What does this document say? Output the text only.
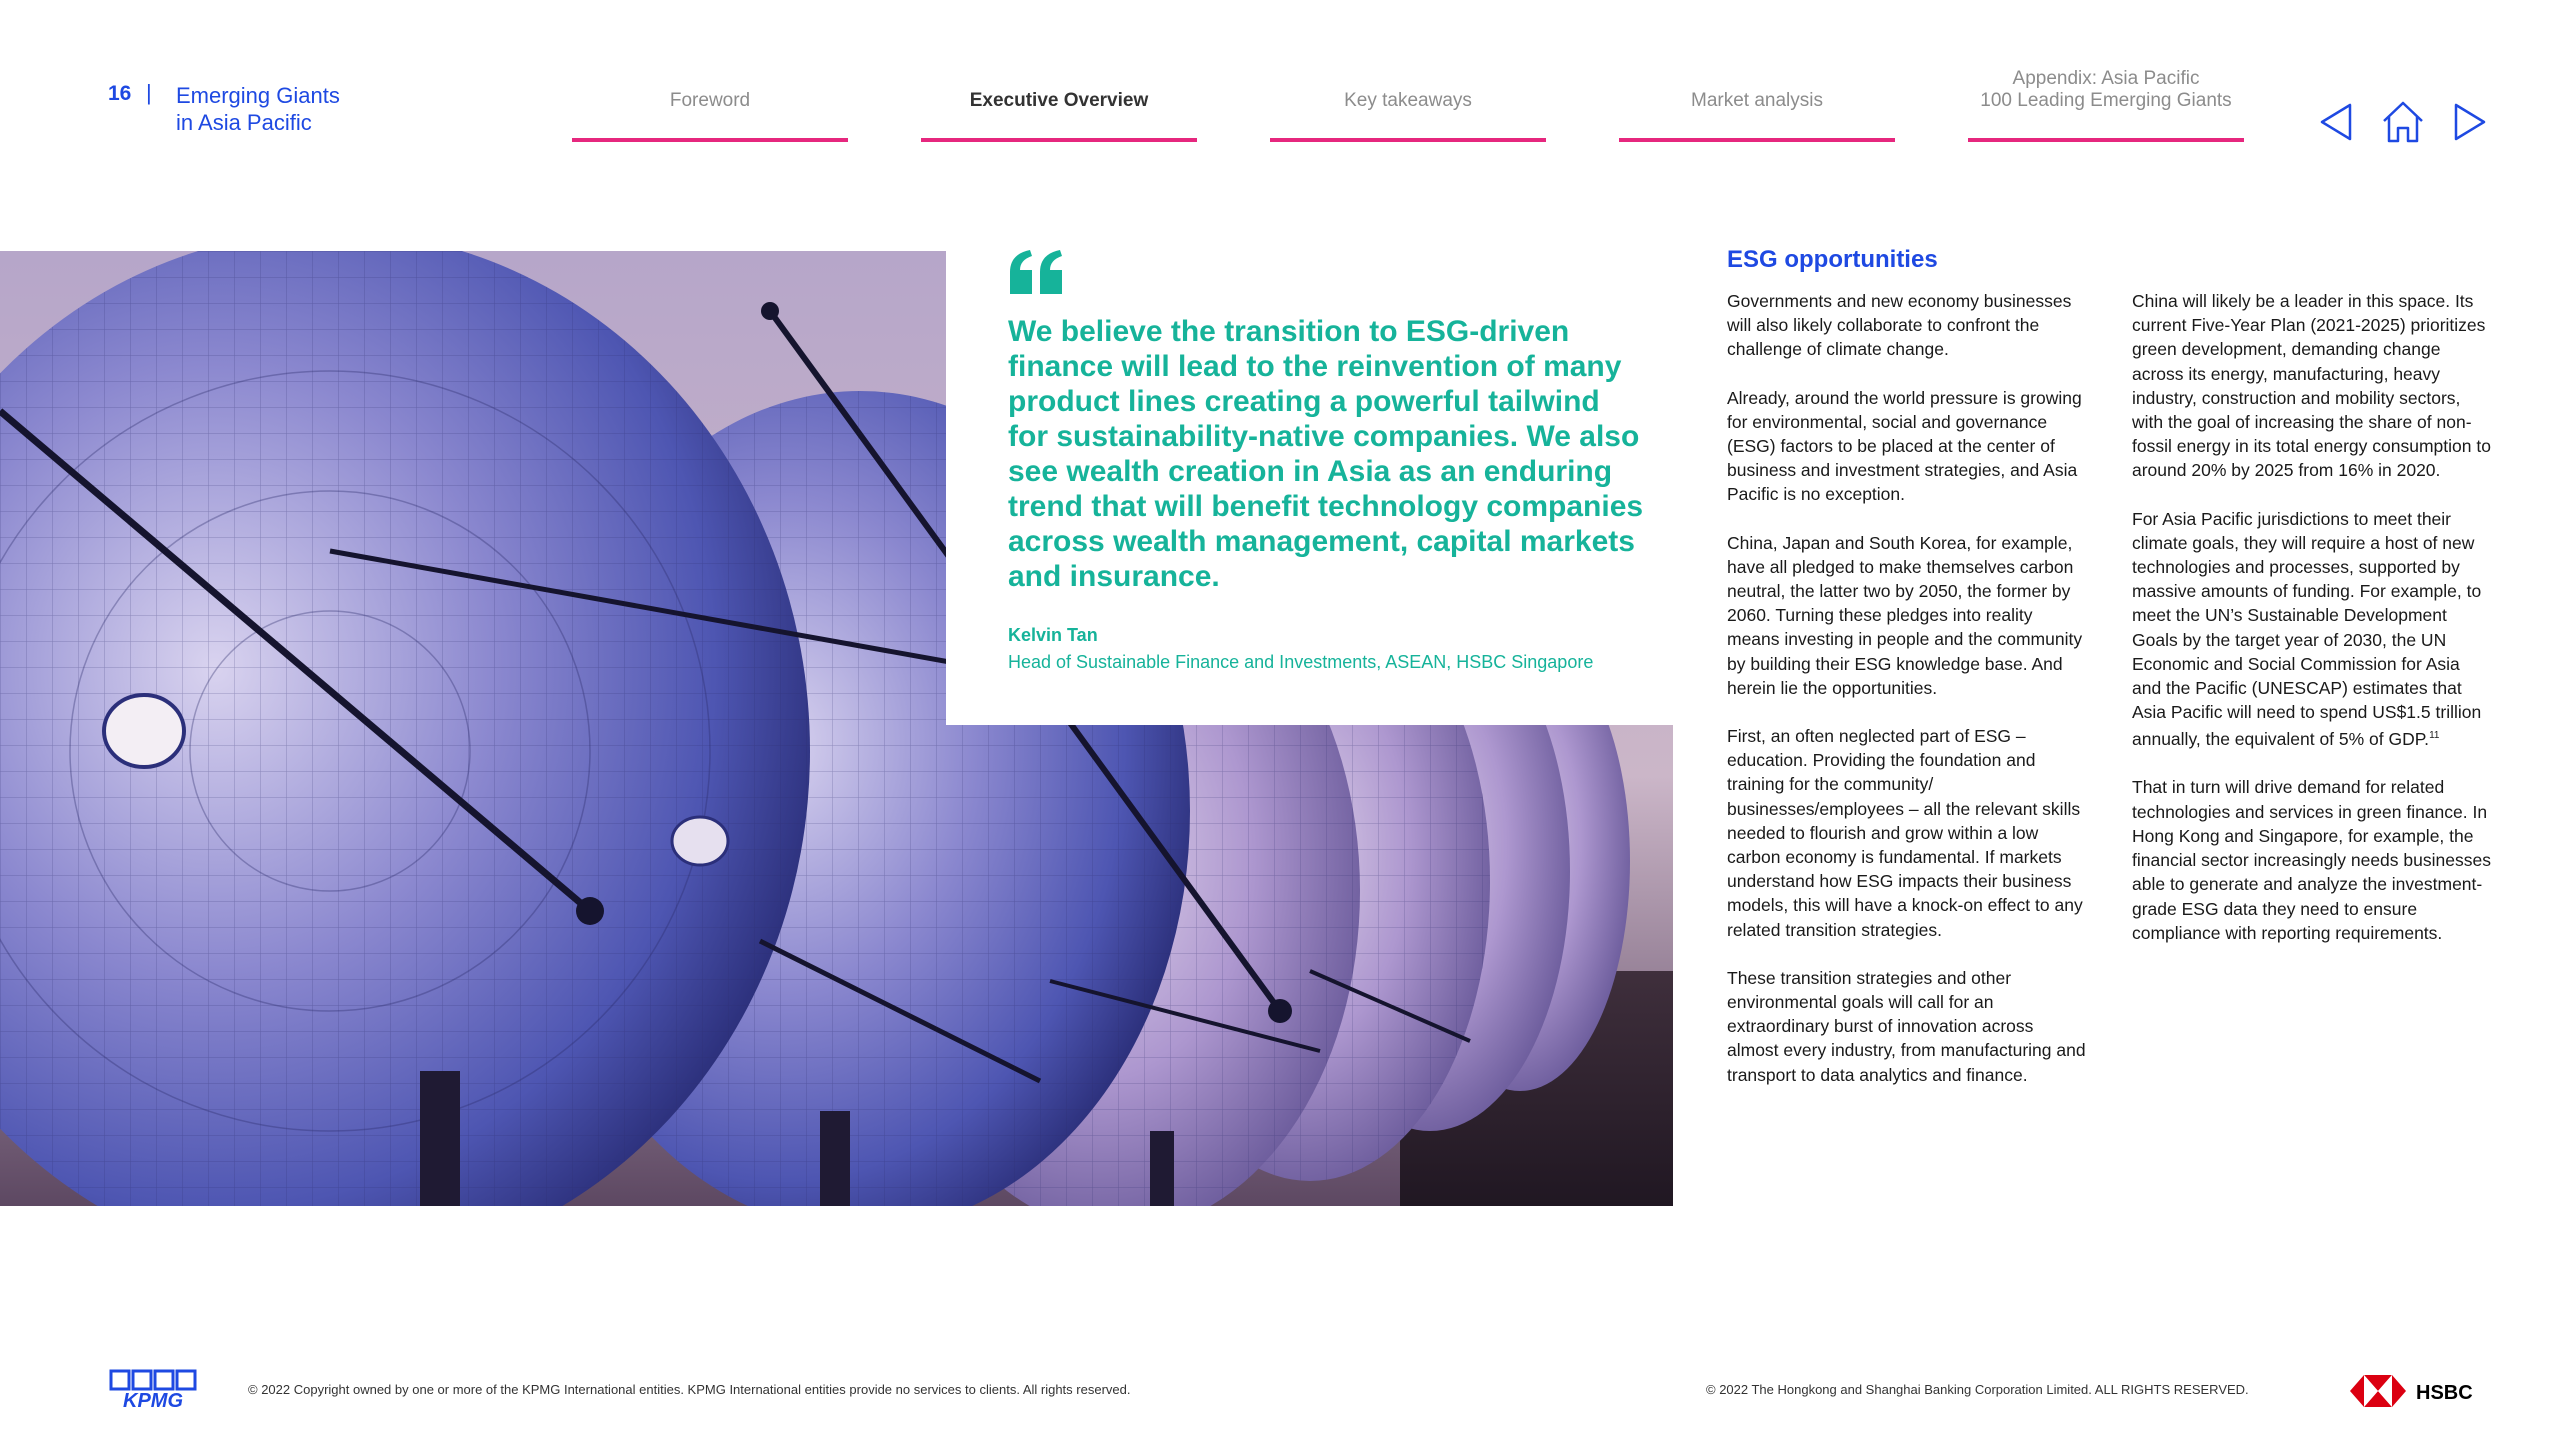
16 | Emerging Giants
in Asia Pacific
Foreword	Executive Overview	Key takeaways	Market analysis
Appendix: Asia Pacific
100 Leading Emerging Giants
We believe the transition to ESG-driven finance will lead to the reinvention of many product lines creating a powerful tailwind for sustainability-native companies. We also see wealth creation in Asia as an enduring trend that will benefit technology companies across wealth management, capital markets and insurance.
Kelvin Tan
Head of Sustainable Finance and Investments, ASEAN, HSBC Singapore
ESG opportunities

Governments and new economy businesses will also likely collaborate to confront the challenge of climate change.

Already, around the world pressure is growing for environmental, social and governance (ESG) factors to be placed at the center of business and investment strategies, and Asia Pacific is no exception.

China, Japan and South Korea, for example, have all pledged to make themselves carbon neutral, the latter two by 2050, the former by 2060. Turning these pledges into reality means investing in people and the community by building their ESG knowledge base. And herein lie the opportunities.

First, an often neglected part of ESG – education. Providing the foundation and training for the community/ businesses/employees – all the relevant skills needed to flourish and grow within a low carbon economy is fundamental. If markets understand how ESG impacts their business models, this will have a knock-on effect to any related transition strategies.

These transition strategies and other environmental goals will call for an extraordinary burst of innovation across almost every industry, from manufacturing and transport to data analytics and finance.

China will likely be a leader in this space. Its current Five-Year Plan (2021-2025) prioritizes green development, demanding change across its energy, manufacturing, heavy industry, construction and mobility sectors, with the goal of increasing the share of non-fossil energy in its total energy consumption to around 20% by 2025 from 16% in 2020.

For Asia Pacific jurisdictions to meet their climate goals, they will require a host of new technologies and processes, supported by massive amounts of funding. For example, to meet the UN’s Sustainable Development Goals by the target year of 2030, the UN Economic and Social Commission for Asia and the Pacific (UNESCAP) estimates that Asia Pacific will need to spend US$1.5 trillion annually, the equivalent of 5% of GDP.$^{11}$

That in turn will drive demand for related technologies and services in green finance. In Hong Kong and Singapore, for example, the financial sector increasingly needs businesses able to generate and analyze the investment-grade ESG data they need to ensure compliance with reporting requirements.

KPMG
© 2022 Copyright owned by one or more of the KPMG International entities. KPMG International entities provide no services to clients. All rights reserved.	© 2022 The Hongkong and Shanghai Banking Corporation Limited. ALL RIGHTS RESERVED.	HSBC
